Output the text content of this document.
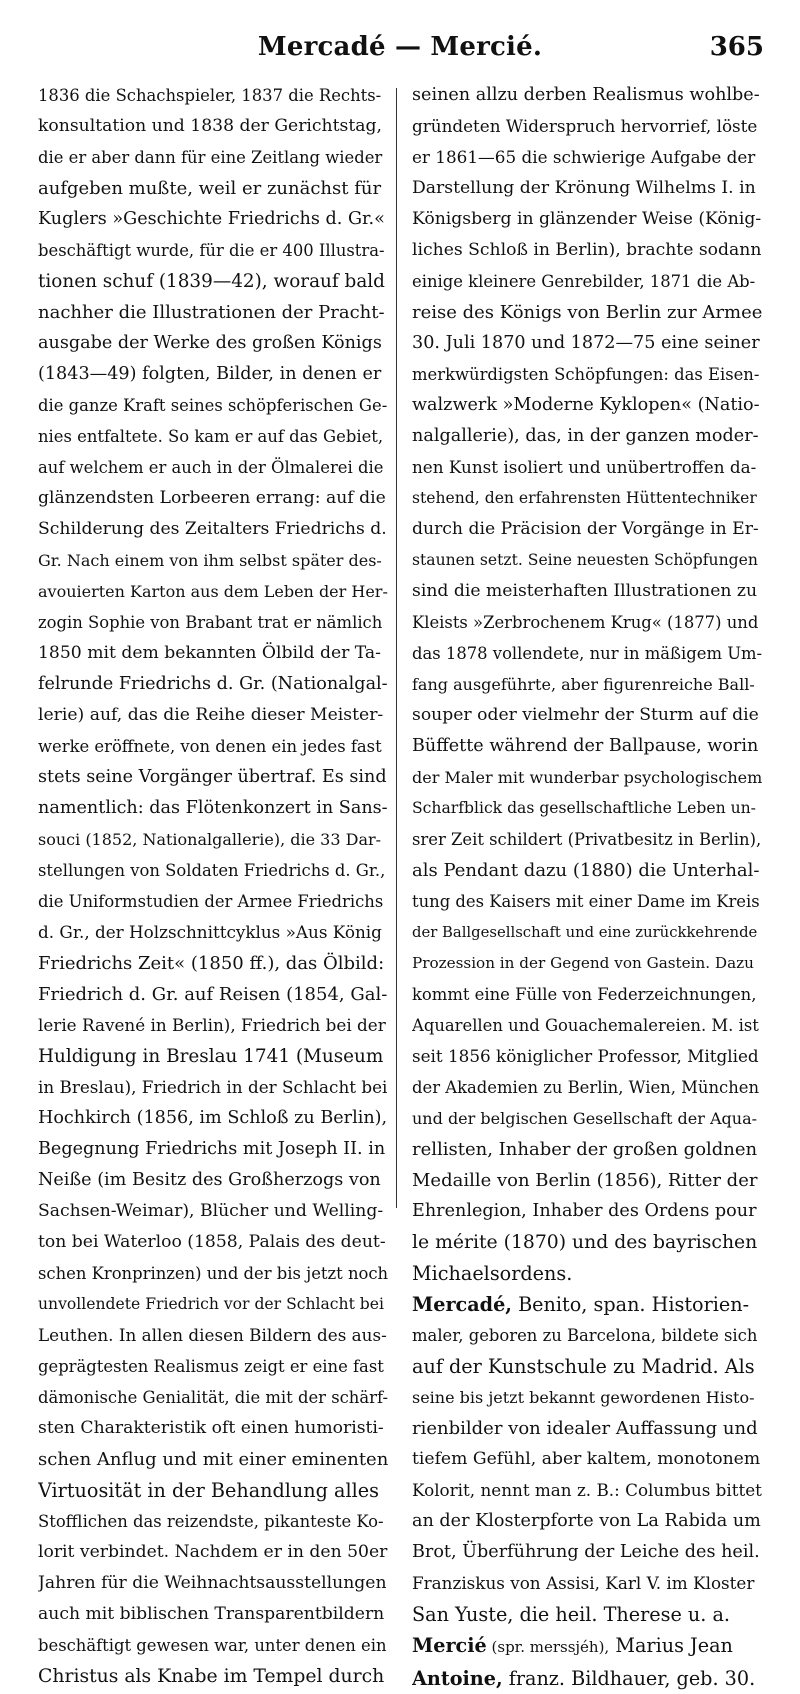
Mercadé — Mercié.	365
1836 die Schachspieler, 1837 die Rechts-
konsultation und 1838 der Gerichtstag,
die er aber dann für eine Zeitlang wieder
aufgeben mußte, weil er zunächst für
Kuglers »Geschichte Friedrichs d. Gr.«
beschäftigt wurde, für die er 400 Illustra-
tionen schuf (1839—42), worauf bald
nachher die Illustrationen der Pracht-
ausgabe der Werke des großen Königs
(1843—49) folgten, Bilder, in denen er
die ganze Kraft seines schöpferischen Ge-
nies entfaltete. So kam er auf das Gebiet,
auf welchem er auch in der Ölmalerei die
glänzendsten Lorbeeren errang: auf die
Schilderung des Zeitalters Friedrichs d.
Gr. Nach einem von ihm selbst später des-
avouierten Karton aus dem Leben der Her-
zogin Sophie von Brabant trat er nämlich
1850 mit dem bekannten Ölbild der Ta-
felrunde Friedrichs d. Gr. (Nationalgal-
lerie) auf, das die Reihe dieser Meister-
werke eröffnete, von denen ein jedes fast
stets seine Vorgänger übertraf. Es sind
namentlich: das Flötenkonzert in Sans-
souci (1852, Nationalgallerie), die 33 Dar-
stellungen von Soldaten Friedrichs d. Gr.,
die Uniformstudien der Armee Friedrichs
d. Gr., der Holzschnittcyklus »Aus König
Friedrichs Zeit« (1850 ff.), das Ölbild:
Friedrich d. Gr. auf Reisen (1854, Gal-
lerie Ravené in Berlin), Friedrich bei der
Huldigung in Breslau 1741 (Museum
in Breslau), Friedrich in der Schlacht bei
Hochkirch (1856, im Schloß zu Berlin),
Begegnung Friedrichs mit Joseph II. in
Neiße (im Besitz des Großherzogs von
Sachsen-Weimar), Blücher und Welling-
ton bei Waterloo (1858, Palais des deut-
schen Kronprinzen) und der bis jetzt noch
unvollendete Friedrich vor der Schlacht bei
Leuthen. In allen diesen Bildern des aus-
geprägtesten Realismus zeigt er eine fast
dämonische Genialität, die mit der schärf-
sten Charakteristik oft einen humoristi-
schen Anflug und mit einer eminenten
Virtuosität in der Behandlung alles
Stofflichen das reizendste, pikanteste Ko-
lorit verbindet. Nachdem er in den 50er
Jahren für die Weihnachtsausstellungen
auch mit biblischen Transparentbildern
beschäftigt gewesen war, unter denen ein
Christus als Knabe im Tempel durch
seinen allzu derben Realismus wohlbe-
gründeten Widerspruch hervorrief, löste
er 1861—65 die schwierige Aufgabe der
Darstellung der Krönung Wilhelms I. in
Königsberg in glänzender Weise (König-
liches Schloß in Berlin), brachte sodann
einige kleinere Genrebilder, 1871 die Ab-
reise des Königs von Berlin zur Armee
30. Juli 1870 und 1872—75 eine seiner
merkwürdigsten Schöpfungen: das Eisen-
walzwerk »Moderne Kyklopen« (Natio-
nalgallerie), das, in der ganzen moder-
nen Kunst isoliert und unübertroffen da-
stehend, den erfahrensten Hüttentechniker
durch die Präcision der Vorgänge in Er-
staunen setzt. Seine neuesten Schöpfungen
sind die meisterhaften Illustrationen zu
Kleists »Zerbrochenem Krug« (1877) und
das 1878 vollendete, nur in mäßigem Um-
fang ausgeführte, aber figurenreiche Ball-
souper oder vielmehr der Sturm auf die
Büffette während der Ballpause, worin
der Maler mit wunderbar psychologischem
Scharfblick das gesellschaftliche Leben un-
srer Zeit schildert (Privatbesitz in Berlin),
als Pendant dazu (1880) die Unterhal-
tung des Kaisers mit einer Dame im Kreis
der Ballgesellschaft und eine zurückkehrende
Prozession in der Gegend von Gastein. Dazu
kommt eine Fülle von Federzeichnungen,
Aquarellen und Gouachemalereien. M. ist
seit 1856 königlicher Professor, Mitglied
der Akademien zu Berlin, Wien, München
und der belgischen Gesellschaft der Aqua-
rellisten, Inhaber der großen goldnen
Medaille von Berlin (1856), Ritter der
Ehrenlegion, Inhaber des Ordens pour
le mérite (1870) und des bayrischen
Michaelsordens.
Mercadé, Benito, span. Historien-
maler, geboren zu Barcelona, bildete sich
auf der Kunstschule zu Madrid. Als
seine bis jetzt bekannt gewordenen Histo-
rienbilder von idealer Auffassung und
tiefem Gefühl, aber kaltem, monotonem
Kolorit, nennt man z. B.: Columbus bittet
an der Klosterpforte von La Rabida um
Brot, Überführung der Leiche des heil.
Franziskus von Assisi, Karl V. im Kloster
San Yuste, die heil. Therese u. a.
Mercié (spr. merssjéh), Marius Jean
Antoine, franz. Bildhauer, geb. 30.
